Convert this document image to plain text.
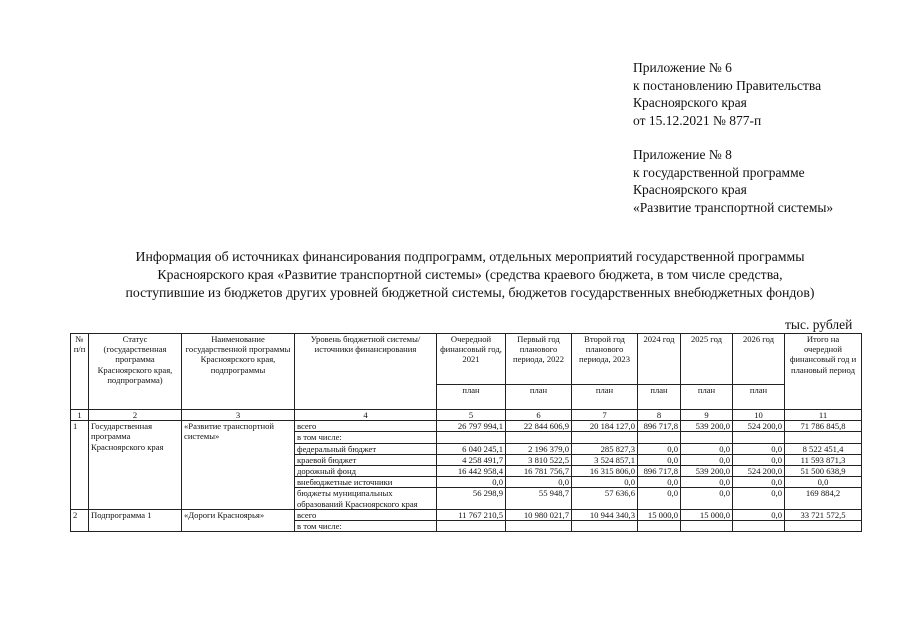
Приложение № 6
к постановлению Правительства
Красноярского края
от 15.12.2021 № 877-п
Приложение № 8
к государственной программе
Красноярского края
«Развитие транспортной системы»
Информация об источниках финансирования подпрограмм, отдельных мероприятий государственной программы
Красноярского края «Развитие транспортной системы» (средства краевого бюджета, в том числе средства,
поступившие из бюджетов других уровней бюджетной системы, бюджетов государственных внебюджетных фондов)
тыс. рублей
№ п/п	Статус (государственная программа Красноярского края, подпрограмма)	Наименование государственной программы Красноярского края, подпрограммы	Уровень бюджетной системы/источники финансирования	Очередной финансовый год, 2021	Первый год планового периода, 2022	Второй год планового периода, 2023	2024 год	2025 год	2026 год	Итого на очередной финансовый год и плановый период
				план	план	план	план	план	план	
1	2	3	4	5	6	7	8	9	10	11
1	Государственная программа Красноярского края	«Развитие транспортной системы»	всего	26 797 994,1	22 844 606,9	20 184 127,0	896 717,8	539 200,0	524 200,0	71 786 845,8
			в том числе:							
			федеральный бюджет	6 040 245,1	2 196 379,0	285 827,3	0,0	0,0	0,0	8 522 451,4
			краевой бюджет	4 258 491,7	3 810 522,5	3 524 857,1	0,0	0,0	0,0	11 593 871,3
			дорожный фонд	16 442 958,4	16 781 756,7	16 315 806,0	896 717,8	539 200,0	524 200,0	51 500 638,9
			внебюджетные источники	0,0	0,0	0,0	0,0	0,0	0,0	0,0
			бюджеты муниципальных образований Красноярского края	56 298,9	55 948,7	57 636,6	0,0	0,0	0,0	169 884,2
2	Подпрограмма 1	«Дороги Красноярья»	всего	11 767 210,5	10 980 021,7	10 944 340,3	15 000,0	15 000,0	0,0	33 721 572,5
			в том числе:							
